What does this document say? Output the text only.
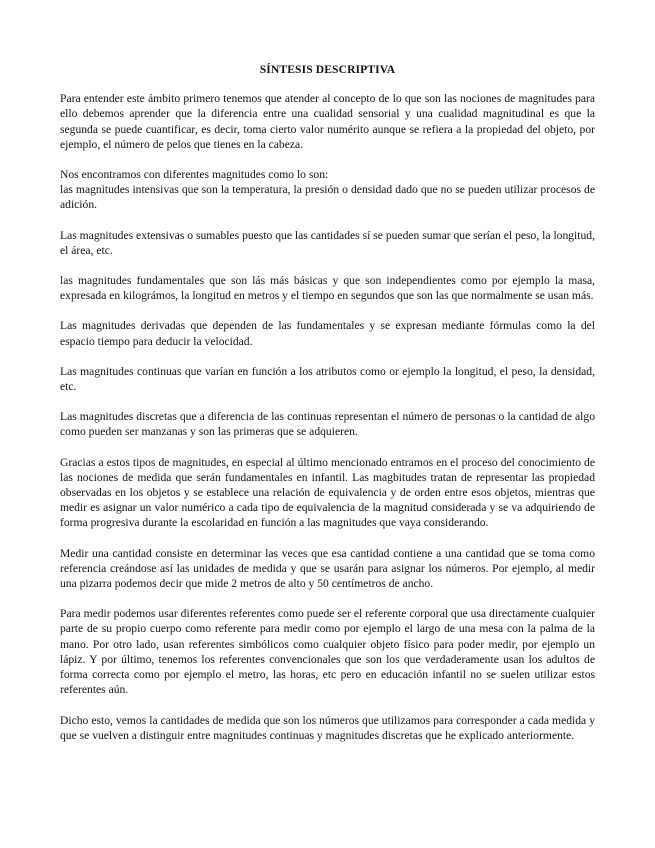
SÍNTESIS DESCRIPTIVA

Para entender este ámbito primero tenemos que atender al concepto de lo que son las nociones de magnitudes para ello debemos aprender que la diferencia entre una cualidad sensorial y una cualidad magnitudinal es que la segunda se puede cuantificar, es decir, toma cierto valor numérito aunque se refiera a la propiedad del objeto, por ejemplo, el número de pelos que tienes en la cabeza.

Nos encontramos con diferentes magnitudes como lo son:
las magnitudes intensivas que son la temperatura, la presión o densidad dado que no se pueden utilizar procesos de adición.

Las magnitudes extensivas o sumables puesto que las cantidades sí se pueden sumar que serían el peso, la longitud, el área, etc.

las magnitudes fundamentales que son lás más básicas y que son independientes como por ejemplo la masa, expresada en kilográmos, la longitud en metros y el tiempo en segundos que son las que normalmente se usan más.

Las magnitudes derivadas que dependen de las fundamentales y se expresan mediante fórmulas como la del espacio tiempo para deducir la velocidad.

Las magnitudes continuas que varían en función a los atributos como or ejemplo la longitud, el peso, la densidad, etc.

Las magnitudes discretas que a diferencia de las continuas representan el número de personas o la cantidad de algo como pueden ser manzanas y son las primeras que se adquieren.

Gracias a estos tipos de magnitudes, en especial al último mencionado entramos en el proceso del conocimiento de las nociones de medida que serán fundamentales en infantil. Las magbitudes tratan de representar las propiedad observadas en los objetos y se establece una relación de equivalencia y de orden entre esos objetos, mientras que medir es asignar un valor numérico a cada tipo de equivalencia de la magnitud considerada y se va adquiriendo de forma progresiva durante la escolaridad en función a las magnitudes que vaya considerando.

Medir una cantidad consiste en determinar las veces que esa cantidad contiene a una cantidad que se toma como referencia creándose así las unidades de medida y que se usarán para asignar los números. Por ejemplo, al medir una pizarra podemos decir que mide 2 metros de alto y 50 centímetros de ancho.

Para medir podemos usar diferentes referentes como puede ser el referente corporal que usa directamente cualquier parte de su propio cuerpo como referente para medir como por ejemplo el largo de una mesa con la palma de la mano. Por otro lado, usan referentes simbólicos como cualquier objeto físico para poder medir, por ejemplo un lápiz. Y por último, tenemos los referentes convencionales que son los que verdaderamente usan los adultos de forma correcta como por ejemplo el metro, las horas, etc pero en educación infantil no se suelen utilizar estos referentes aún.

Dicho esto, vemos la cantidades de medida que son los números que utilizamos para corresponder a cada medida y que se vuelven a distinguir entre magnitudes continuas y magnitudes discretas que he explicado anteriormente.
